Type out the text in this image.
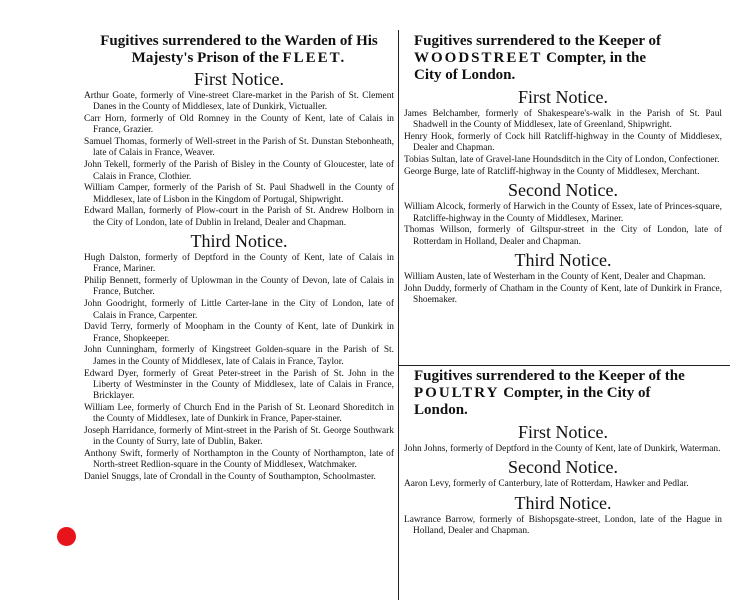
Fugitives surrendered to the Warden of His
Majesty's Prison of the FLEET.
First Notice.

Arthur Goate, formerly of Vine-street Clare-market in the Parish of St. Clement Danes in the County of Middlesex, late of Dunkirk, Victualler.

Carr Horn, formerly of Old Romney in the County of Kent, late of Calais in France, Grazier.

Samuel Thomas, formerly of Well-street in the Parish of St. Dunstan Stebonheath, late of Calais in France, Weaver.

John Tekell, formerly of the Parish of Bisley in the County of Gloucester, late of Calais in France, Clothier.

William Camper, formerly of the Parish of St. Paul Shadwell in the County of Middlesex, late of Lisbon in the Kingdom of Portugal, Shipwright.

Edward Mallan, formerly of Plow-court in the Parish of St. Andrew Holborn in the City of London, late of Dublin in Ireland, Dealer and Chapman.

Third Notice.

Hugh Dalston, formerly of Deptford in the County of Kent, late of Calais in France, Mariner.

Philip Bennett, formerly of Uplowman in the County of Devon, late of Calais in France, Butcher.

John Goodright, formerly of Little Carter-lane in the City of London, late of Calais in France, Carpenter.

David Terry, formerly of Moopham in the County of Kent, late of Dunkirk in France, Shopkeeper.

John Cunningham, formerly of Kingstreet Golden-square in the Parish of St. James in the County of Middlesex, late of Calais in France, Taylor.

Edward Dyer, formerly of Great Peter-street in the Parish of St. John in the Liberty of Westminster in the County of Middlesex, late of Calais in France, Bricklayer.

William Lee, formerly of Church End in the Parish of St. Leonard Shoreditch in the County of Middlesex, late of Dunkirk in France, Paper-stainer.

Joseph Harridance, formerly of Mint-street in the Parish of St. George Southwark in the County of Surry, late of Dublin, Baker.

Anthony Swift, formerly of Northampton in the County of Northampton, late of North-street Redlion-square in the County of Middlesex, Watchmaker.

Daniel Snuggs, late of Crondall in the County of Southampton, Schoolmaster.

Fugitives surrendered to the Keeper of
WOODSTREET Compter, in the
City of London.
First Notice.

James Belchamber, formerly of Shakespeare's-walk in the Parish of St. Paul Shadwell in the County of Middlesex, late of Greenland, Shipwright.

Henry Hook, formerly of Cock hill Ratcliff-highway in the County of Middlesex, Dealer and Chapman.

Tobias Sultan, late of Gravel-lane Houndsditch in the City of London, Confectioner.

George Burge, late of Ratcliff-highway in the County of Middlesex, Merchant.

Second Notice.

William Alcock, formerly of Harwich in the County of Essex, late of Princes-square, Ratcliffe-highway in the County of Middlesex, Mariner.

Thomas Willson, formerly of Giltspur-street in the City of London, late of Rotterdam in Holland, Dealer and Chapman.

Third Notice.

William Austen, late of Westerham in the County of Kent, Dealer and Chapman.

John Duddy, formerly of Chatham in the County of Kent, late of Dunkirk in France, Shoemaker.

Fugitives surrendered to the Keeper of the
POULTRY Compter, in the City of
London.
First Notice.

John Johns, formerly of Deptford in the County of Kent, late of Dunkirk, Waterman.

Second Notice.

Aaron Levy, formerly of Canterbury, late of Rotterdam, Hawker and Pedlar.

Third Notice.

Lawrance Barrow, formerly of Bishopsgate-street, London, late of the Hague in Holland, Dealer and Chapman.
